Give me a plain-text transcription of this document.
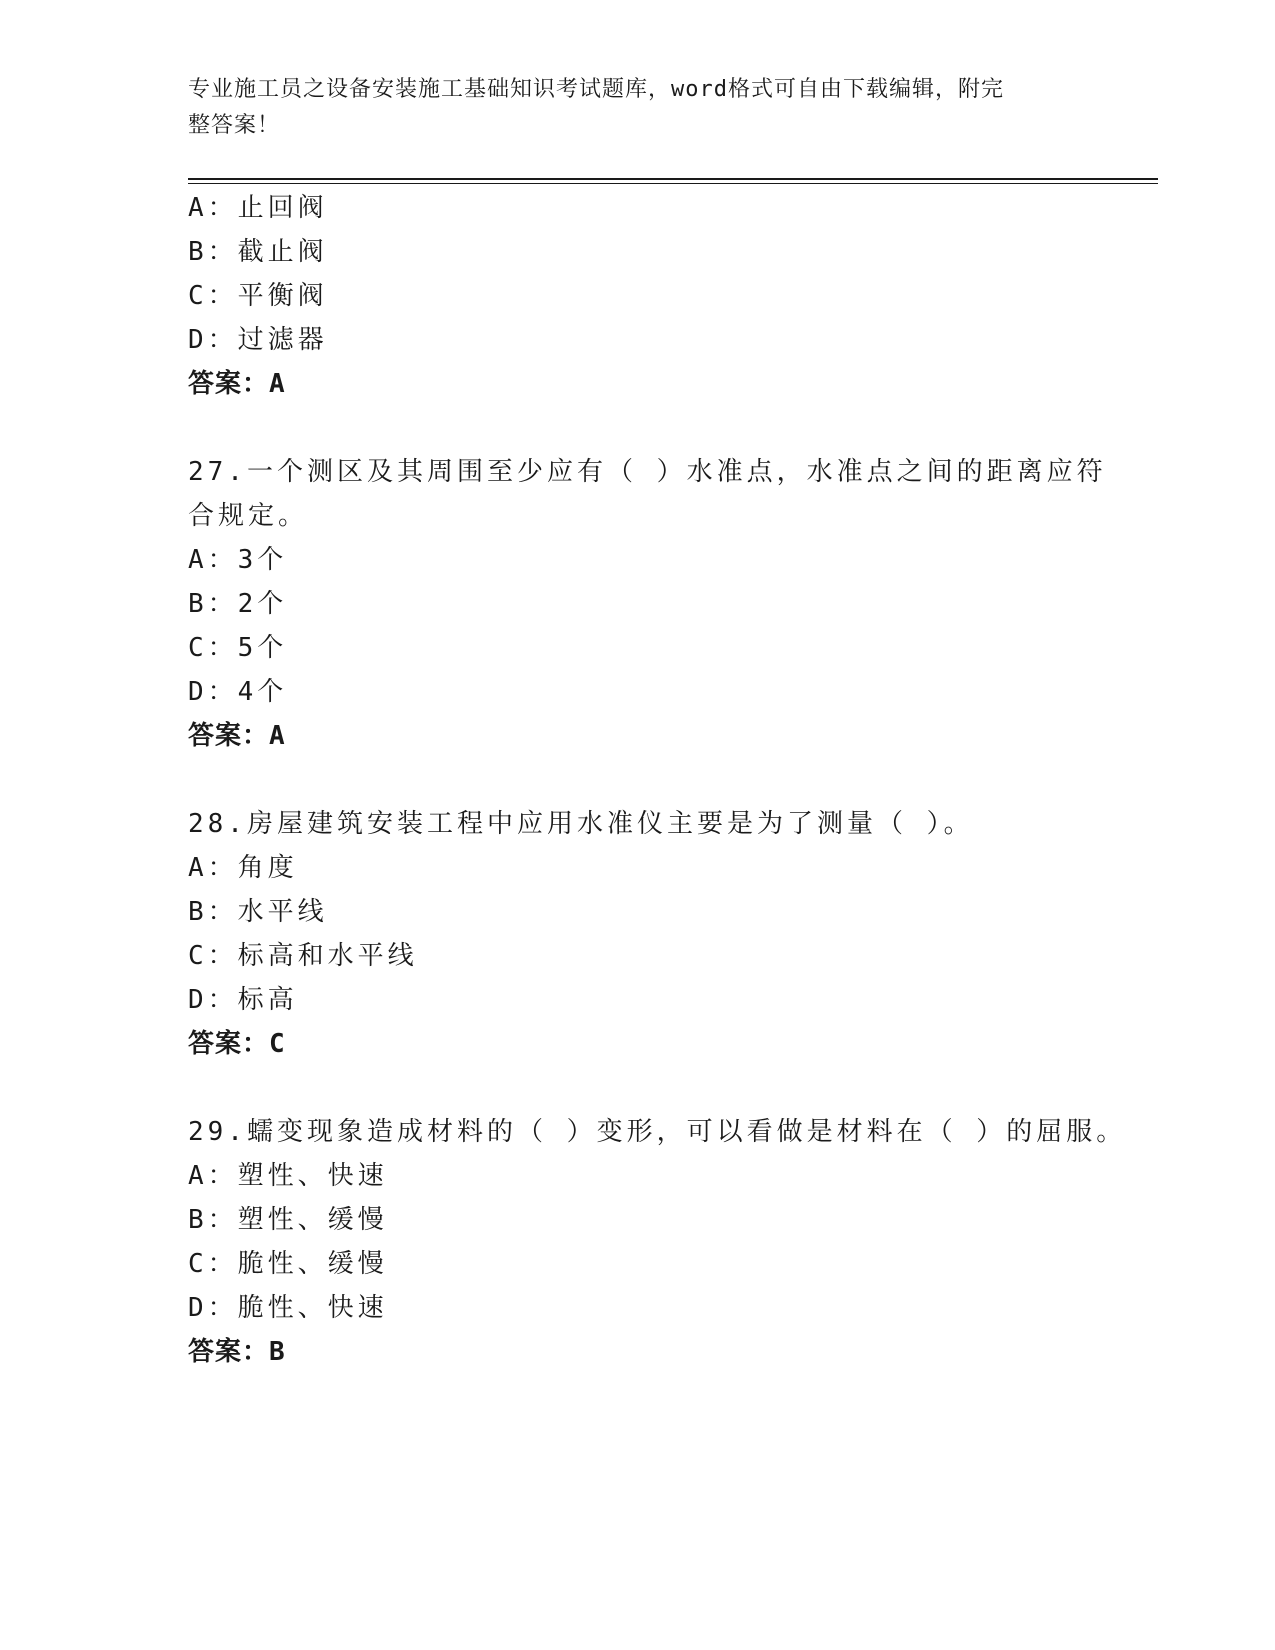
专业施工员之设备安装施工基础知识考试题库，word格式可自由下载编辑，附完
整答案！
A：止回阀
B：截止阀
C：平衡阀
D：过滤器
答案：A
27.一个测区及其周围至少应有（ ）水准点，水准点之间的距离应符
合规定。
A：3个
B：2个
C：5个
D：4个
答案：A
28.房屋建筑安装工程中应用水准仪主要是为了测量（ ）。
A：角度
B：水平线
C：标高和水平线
D：标高
答案：C
29.蠕变现象造成材料的（ ）变形，可以看做是材料在（ ）的屈服。
A：塑性、快速
B：塑性、缓慢
C：脆性、缓慢
D：脆性、快速
答案：B
